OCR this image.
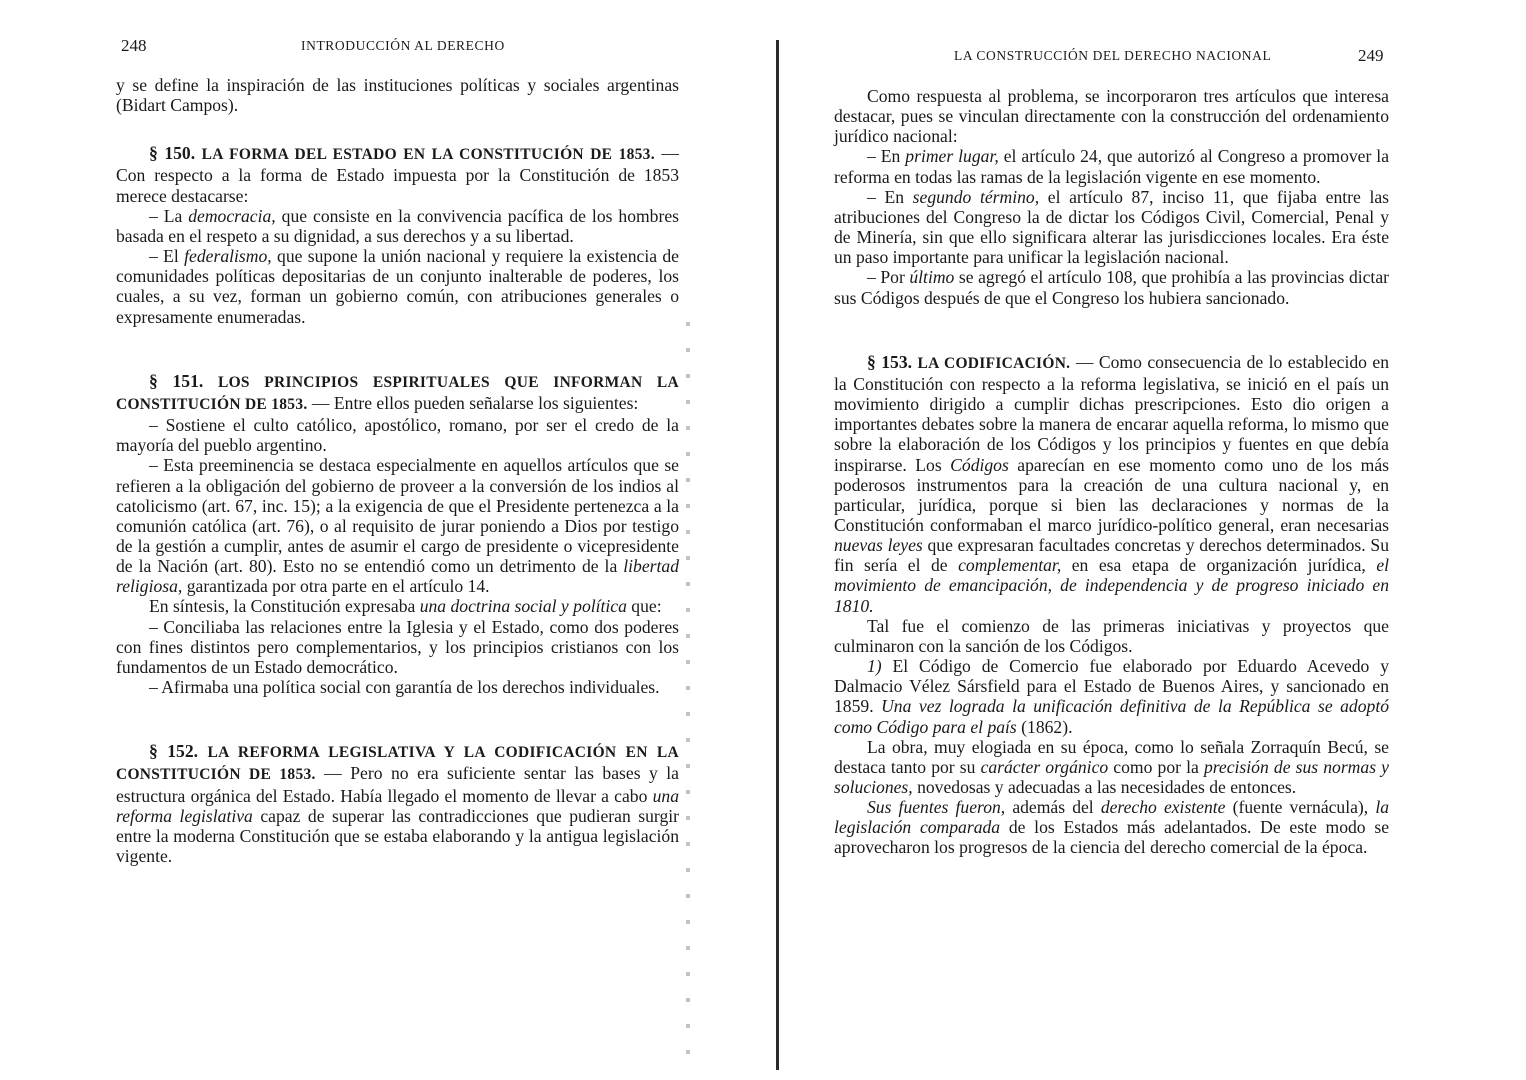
248	INTRODUCCIÓN AL DERECHO

y se define la inspiración de las instituciones políticas y sociales argentinas (Bidart Campos).

§ 150. LA FORMA DEL ESTADO EN LA CONSTITUCIÓN DE 1853. — Con respecto a la forma de Estado impuesta por la Constitución de 1853 merece destacarse:

– La democracia, que consiste en la convivencia pacífica de los hombres basada en el respeto a su dignidad, a sus derechos y a su libertad.

– El federalismo, que supone la unión nacional y requiere la existencia de comunidades políticas depositarias de un conjunto inalterable de poderes, los cuales, a su vez, forman un gobierno común, con atribuciones generales o expresamente enumeradas.

§ 151. LOS PRINCIPIOS ESPIRITUALES QUE INFORMAN LA CONSTITUCIÓN DE 1853. — Entre ellos pueden señalarse los siguientes:

– Sostiene el culto católico, apostólico, romano, por ser el credo de la mayoría del pueblo argentino.

– Esta preeminencia se destaca especialmente en aquellos artículos que se refieren a la obligación del gobierno de proveer a la conversión de los indios al catolicismo (art. 67, inc. 15); a la exigencia de que el Presidente pertenezca a la comunión católica (art. 76), o al requisito de jurar poniendo a Dios por testigo de la gestión a cumplir, antes de asumir el cargo de presidente o vicepresidente de la Nación (art. 80). Esto no se entendió como un detrimento de la libertad religiosa, garantizada por otra parte en el artículo 14.

En síntesis, la Constitución expresaba una doctrina social y política que:

– Conciliaba las relaciones entre la Iglesia y el Estado, como dos poderes con fines distintos pero complementarios, y los principios cristianos con los fundamentos de un Estado democrático.

– Afirmaba una política social con garantía de los derechos individuales.

§ 152. LA REFORMA LEGISLATIVA Y LA CODIFICACIÓN EN LA CONSTITUCIÓN DE 1853. — Pero no era suficiente sentar las bases y la estructura orgánica del Estado. Había llegado el momento de llevar a cabo una reforma legislativa capaz de superar las contradicciones que pudieran surgir entre la moderna Constitución que se estaba elaborando y la antigua legislación vigente.

LA CONSTRUCCIÓN DEL DERECHO NACIONAL	249

Como respuesta al problema, se incorporaron tres artículos que interesa destacar, pues se vinculan directamente con la construcción del ordenamiento jurídico nacional:

– En primer lugar, el artículo 24, que autorizó al Congreso a promover la reforma en todas las ramas de la legislación vigente en ese momento.

– En segundo término, el artículo 87, inciso 11, que fijaba entre las atribuciones del Congreso la de dictar los Códigos Civil, Comercial, Penal y de Minería, sin que ello significara alterar las jurisdicciones locales. Era éste un paso importante para unificar la legislación nacional.

– Por último se agregó el artículo 108, que prohibía a las provincias dictar sus Códigos después de que el Congreso los hubiera sancionado.

§ 153. LA CODIFICACIÓN. — Como consecuencia de lo establecido en la Constitución con respecto a la reforma legislativa, se inició en el país un movimiento dirigido a cumplir dichas prescripciones. Esto dio origen a importantes debates sobre la manera de encarar aquella reforma, lo mismo que sobre la elaboración de los Códigos y los principios y fuentes en que debía inspirarse. Los Códigos aparecían en ese momento como uno de los más poderosos instrumentos para la creación de una cultura nacional y, en particular, jurídica, porque si bien las declaraciones y normas de la Constitución conformaban el marco jurídico-político general, eran necesarias nuevas leyes que expresaran facultades concretas y derechos determinados. Su fin sería el de complementar, en esa etapa de organización jurídica, el movimiento de emancipación, de independencia y de progreso iniciado en 1810.

Tal fue el comienzo de las primeras iniciativas y proyectos que culminaron con la sanción de los Códigos.

1) El Código de Comercio fue elaborado por Eduardo Acevedo y Dalmacio Vélez Sársfield para el Estado de Buenos Aires, y sancionado en 1859. Una vez lograda la unificación definitiva de la República se adoptó como Código para el país (1862).

La obra, muy elogiada en su época, como lo señala Zorraquín Becú, se destaca tanto por su carácter orgánico como por la precisión de sus normas y soluciones, novedosas y adecuadas a las necesidades de entonces.

Sus fuentes fueron, además del derecho existente (fuente vernácula), la legislación comparada de los Estados más adelantados. De este modo se aprovecharon los progresos de la ciencia del derecho comercial de la época.
